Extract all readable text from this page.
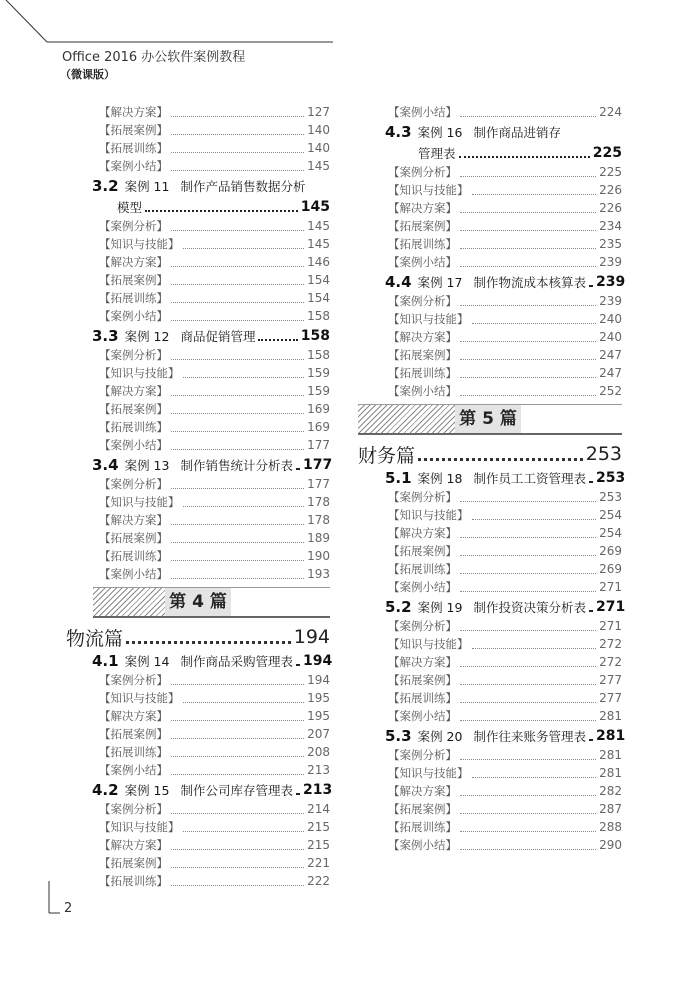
Office 2016 办公软件案例教程
（微课版）
【解决方案】	127
【拓展案例】	140
【拓展训练】	140
【案例小结】	145
3.2 案例 11 制作产品销售数据分析
模型	145
【案例分析】	145
【知识与技能】	145
【解决方案】	146
【拓展案例】	154
【拓展训练】	154
【案例小结】	158
3.3 案例 12 商品促销管理	158
【案例分析】	158
【知识与技能】	159
【解决方案】	159
【拓展案例】	169
【拓展训练】	169
【案例小结】	177
3.4 案例 13 制作销售统计分析表 177
【案例分析】	177
【知识与技能】	178
【解决方案】	178
【拓展案例】	189
【拓展训练】	190
【案例小结】	193
第 4 篇
物流篇	194
4.1 案例 14 制作商品采购管理表 194
【案例分析】	194
【知识与技能】	195
【解决方案】	195
【拓展案例】	207
【拓展训练】	208
【案例小结】	213
4.2 案例 15 制作公司库存管理表 213
【案例分析】	214
【知识与技能】	215
【解决方案】	215
【拓展案例】	221
【拓展训练】	222
【案例小结】	224
4.3 案例 16 制作商品进销存
管理表	225
【案例分析】	225
【知识与技能】	226
【解决方案】	226
【拓展案例】	234
【拓展训练】	235
【案例小结】	239
4.4 案例 17 制作物流成本核算表 239
【案例分析】	239
【知识与技能】	240
【解决方案】	240
【拓展案例】	247
【拓展训练】	247
【案例小结】	252
第 5 篇
财务篇	253
5.1 案例 18 制作员工工资管理表 253
【案例分析】	253
【知识与技能】	254
【解决方案】	254
【拓展案例】	269
【拓展训练】	269
【案例小结】	271
5.2 案例 19 制作投资决策分析表 271
【案例分析】	271
【知识与技能】	272
【解决方案】	272
【拓展案例】	277
【拓展训练】	277
【案例小结】	281
5.3 案例 20 制作往来账务管理表 281
【案例分析】	281
【知识与技能】	281
【解决方案】	282
【拓展案例】	287
【拓展训练】	288
【案例小结】	290
2
